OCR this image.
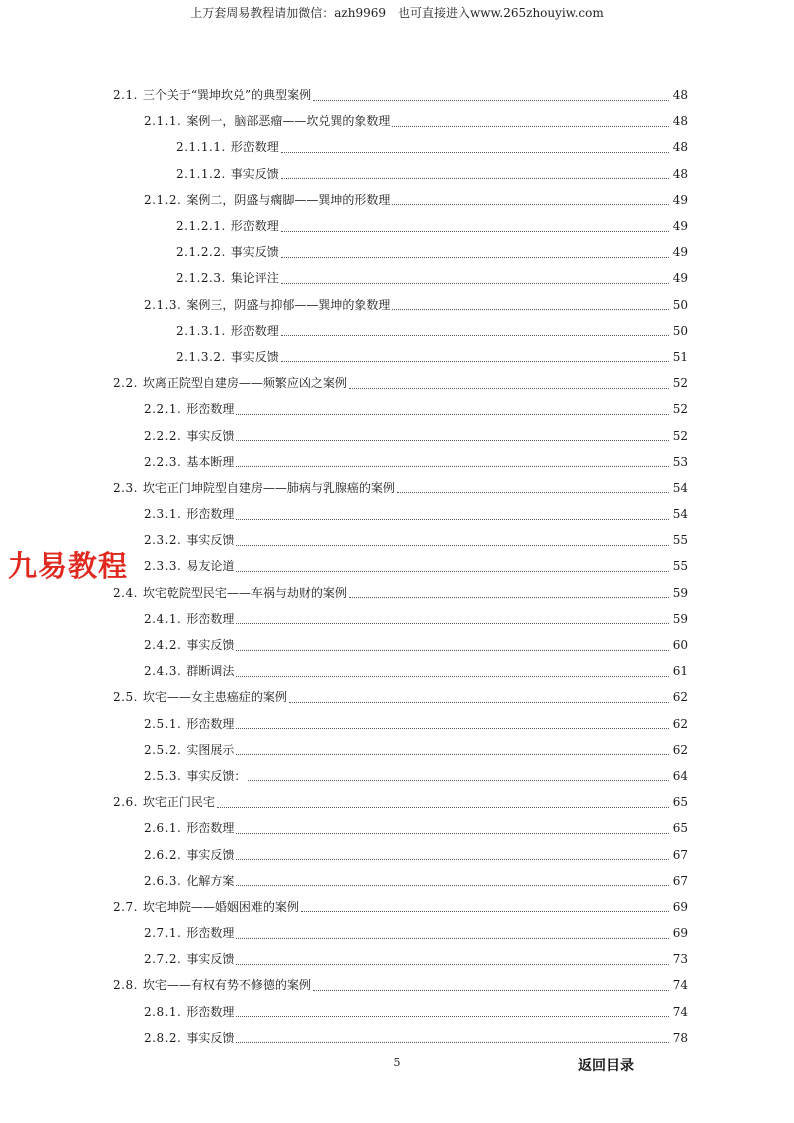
上万套周易教程请加微信：azh9969 也可直接进入www.265zhouyiw.com
2.1. 三个关于“巽坤坎兑”的典型案例	48
2.1.1. 案例一，脑部恶瘤——坎兑巽的象数理	48
2.1.1.1. 形峦数理	48
2.1.1.2. 事实反馈	48
2.1.2. 案例二，阴盛与瘸脚——巽坤的形数理	49
2.1.2.1. 形峦数理	49
2.1.2.2. 事实反馈	49
2.1.2.3. 集论评注	49
2.1.3. 案例三，阴盛与抑郁——巽坤的象数理	50
2.1.3.1. 形峦数理	50
2.1.3.2. 事实反馈	51
2.2. 坎离正院型自建房——频繁应凶之案例	52
2.2.1. 形峦数理	52
2.2.2. 事实反馈	52
2.2.3. 基本断理	53
2.3. 坎宅正门坤院型自建房——肺病与乳腺癌的案例	54
2.3.1. 形峦数理	54
2.3.2. 事实反馈	55
2.3.3. 易友论道	55
2.4. 坎宅乾院型民宅——车祸与劫财的案例	59
2.4.1. 形峦数理	59
2.4.2. 事实反馈	60
2.4.3. 群断调法	61
2.5. 坎宅——女主患癌症的案例	62
2.5.1. 形峦数理	62
2.5.2. 实图展示	62
2.5.3. 事实反馈：	64
2.6. 坎宅正门民宅	65
2.6.1. 形峦数理	65
2.6.2. 事实反馈	67
2.6.3. 化解方案	67
2.7. 坎宅坤院——婚姻困难的案例	69
2.7.1. 形峦数理	69
2.7.2. 事实反馈	73
2.8. 坎宅——有权有势不修德的案例	74
2.8.1. 形峦数理	74
2.8.2. 事实反馈	78
九易教程
5	返回目录
